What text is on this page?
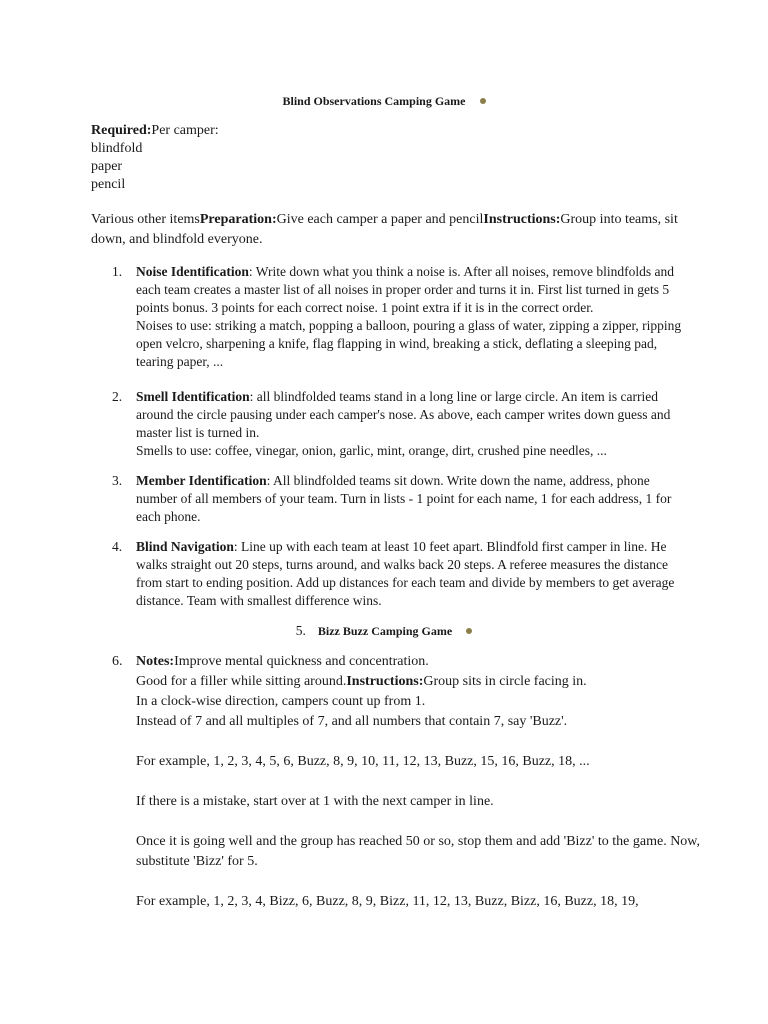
Blind Observations Camping Game
Required:Per camper:
blindfold
paper
pencil
Various other itemsPreparation:Give each camper a paper and pencilInstructions:Group into teams, sit down, and blindfold everyone.
1. Noise Identification: Write down what you think a noise is. After all noises, remove blindfolds and each team creates a master list of all noises in proper order and turns it in. First list turned in gets 5 points bonus. 3 points for each correct noise. 1 point extra if it is in the correct order.
Noises to use: striking a match, popping a balloon, pouring a glass of water, zipping a zipper, ripping open velcro, sharpening a knife, flag flapping in wind, breaking a stick, deflating a sleeping pad, tearing paper, ...
2. Smell Identification: all blindfolded teams stand in a long line or large circle. An item is carried around the circle pausing under each camper's nose. As above, each camper writes down guess and master list is turned in.
Smells to use: coffee, vinegar, onion, garlic, mint, orange, dirt, crushed pine needles, ...
3. Member Identification: All blindfolded teams sit down. Write down the name, address, phone number of all members of your team. Turn in lists - 1 point for each name, 1 for each address, 1 for each phone.
4. Blind Navigation: Line up with each team at least 10 feet apart. Blindfold first camper in line. He walks straight out 20 steps, turns around, and walks back 20 steps. A referee measures the distance from start to ending position. Add up distances for each team and divide by members to get average distance. Team with smallest difference wins.
5. Bizz Buzz Camping Game
6. Notes:Improve mental quickness and concentration.
Good for a filler while sitting around.Instructions:Group sits in circle facing in.
In a clock-wise direction, campers count up from 1.
Instead of 7 and all multiples of 7, and all numbers that contain 7, say 'Buzz'.
For example, 1, 2, 3, 4, 5, 6, Buzz, 8, 9, 10, 11, 12, 13, Buzz, 15, 16, Buzz, 18, ...
If there is a mistake, start over at 1 with the next camper in line.
Once it is going well and the group has reached 50 or so, stop them and add 'Bizz' to the game. Now, substitute 'Bizz' for 5.
For example, 1, 2, 3, 4, Bizz, 6, Buzz, 8, 9, Bizz, 11, 12, 13, Buzz, Bizz, 16, Buzz, 18, 19,
